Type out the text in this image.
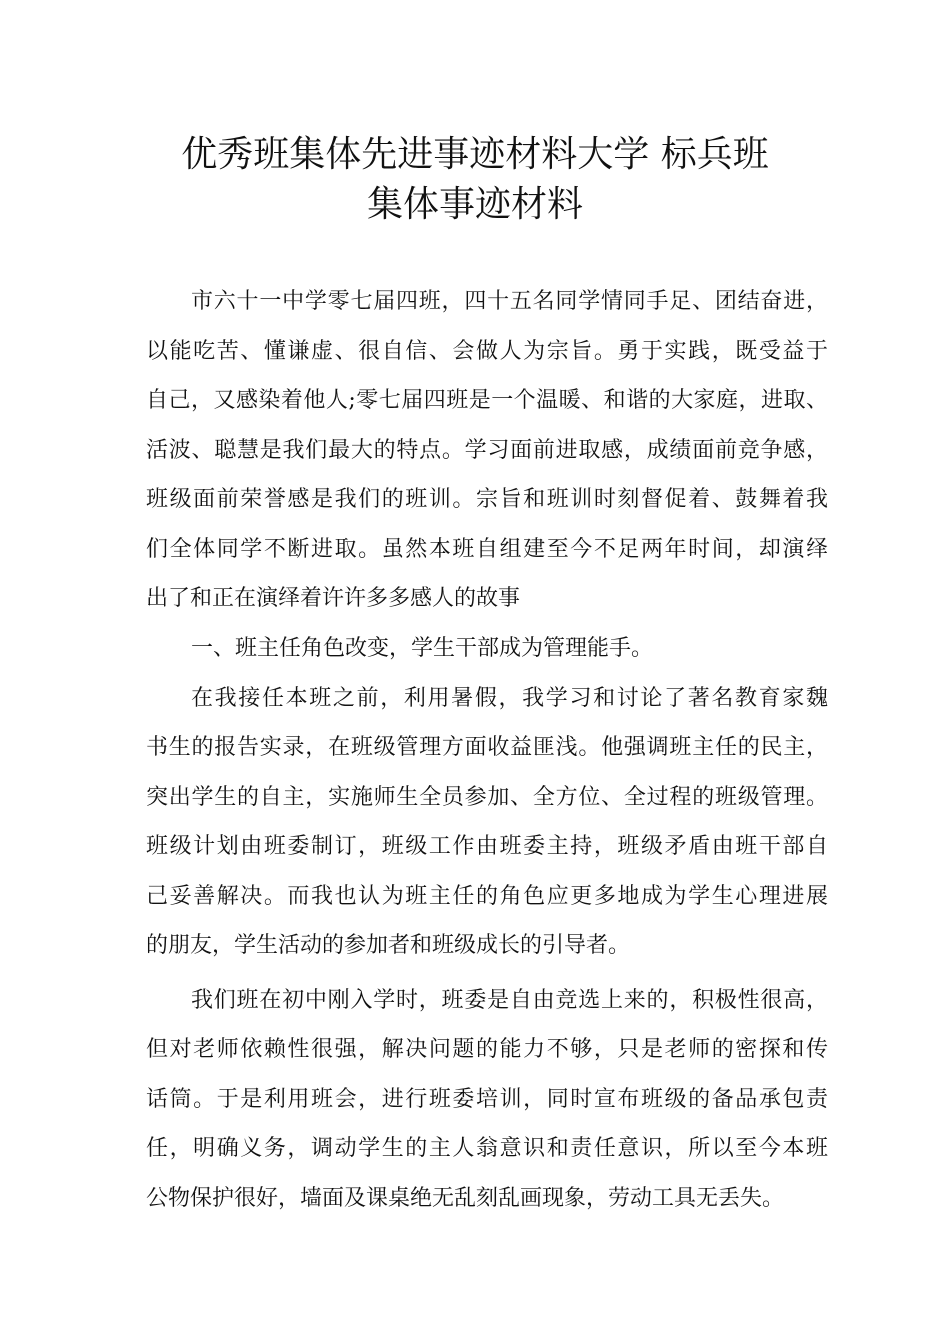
优秀班集体先进事迹材料大学 标兵班
集体事迹材料
市六十一中学零七届四班，四十五名同学情同手足、团结奋进，
以能吃苦、懂谦虚、很自信、会做人为宗旨。勇于实践，既受益于
自己，又感染着他人;零七届四班是一个温暖、和谐的大家庭，进取、
活波、聪慧是我们最大的特点。学习面前进取感，成绩面前竞争感，
班级面前荣誉感是我们的班训。宗旨和班训时刻督促着、鼓舞着我
们全体同学不断进取。虽然本班自组建至今不足两年时间，却演绎
出了和正在演绎着许许多多感人的故事
一、班主任角色改变，学生干部成为管理能手。
在我接任本班之前，利用暑假，我学习和讨论了著名教育家魏
书生的报告实录，在班级管理方面收益匪浅。他强调班主任的民主，
突出学生的自主，实施师生全员参加、全方位、全过程的班级管理。
班级计划由班委制订，班级工作由班委主持，班级矛盾由班干部自
己妥善解决。而我也认为班主任的角色应更多地成为学生心理进展
的朋友，学生活动的参加者和班级成长的引导者。
我们班在初中刚入学时，班委是自由竞选上来的，积极性很高，
但对老师依赖性很强，解决问题的能力不够，只是老师的密探和传
话筒。于是利用班会，进行班委培训，同时宣布班级的备品承包责
任，明确义务，调动学生的主人翁意识和责任意识，所以至今本班
公物保护很好，墙面及课桌绝无乱刻乱画现象，劳动工具无丢失。
